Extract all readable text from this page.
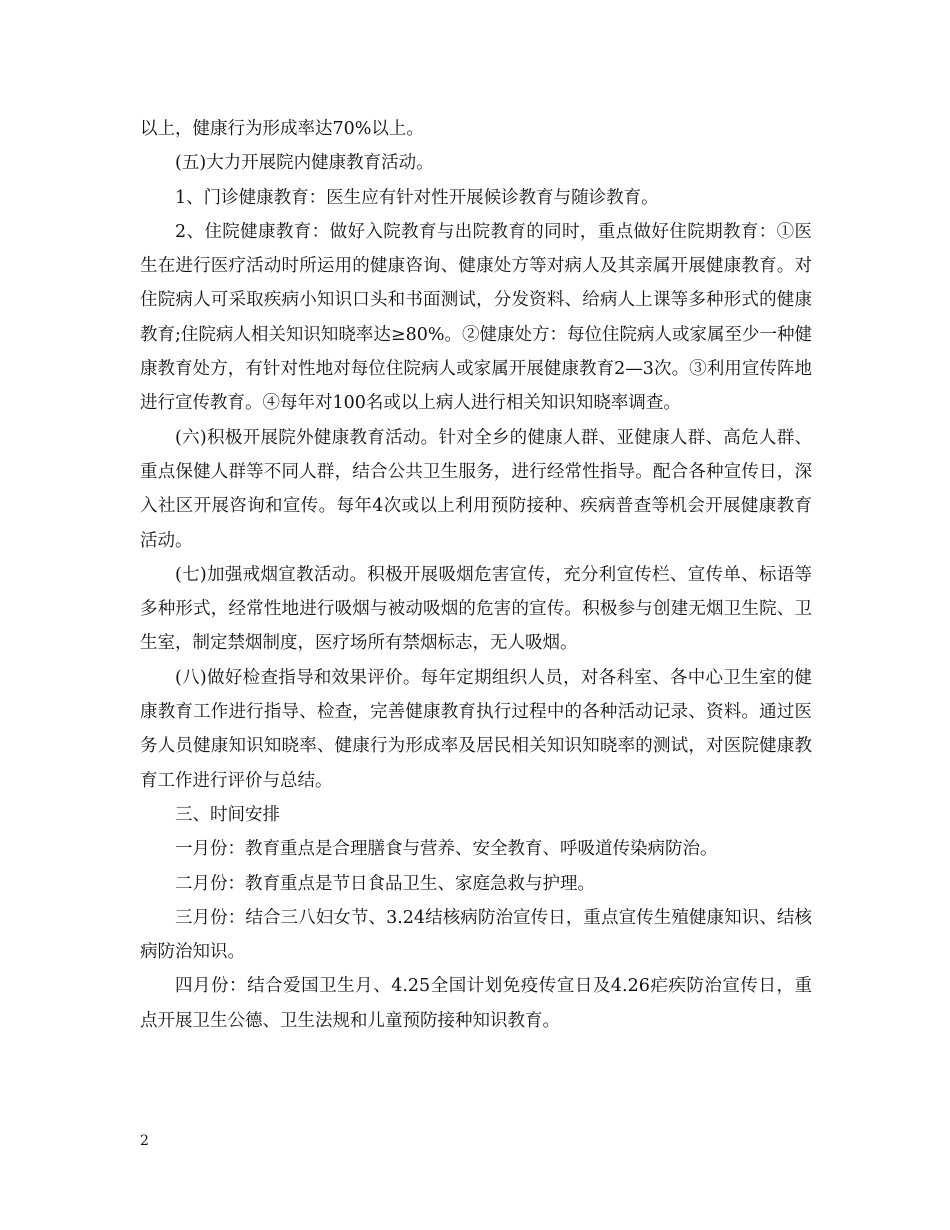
以上，健康行为形成率达70%以上。

(五)大力开展院内健康教育活动。

1、门诊健康教育：医生应有针对性开展候诊教育与随诊教育。

2、住院健康教育：做好入院教育与出院教育的同时，重点做好住院期教育：①医生在进行医疗活动时所运用的健康咨询、健康处方等对病人及其亲属开展健康教育。对住院病人可采取疾病小知识口头和书面测试，分发资料、给病人上课等多种形式的健康教育;住院病人相关知识知晓率达≥80%。②健康处方：每位住院病人或家属至少一种健康教育处方，有针对性地对每位住院病人或家属开展健康教育2—3次。③利用宣传阵地进行宣传教育。④每年对100名或以上病人进行相关知识知晓率调查。

(六)积极开展院外健康教育活动。针对全乡的健康人群、亚健康人群、高危人群、重点保健人群等不同人群，结合公共卫生服务，进行经常性指导。配合各种宣传日，深入社区开展咨询和宣传。每年4次或以上利用预防接种、疾病普查等机会开展健康教育活动。

(七)加强戒烟宣教活动。积极开展吸烟危害宣传，充分利宣传栏、宣传单、标语等多种形式，经常性地进行吸烟与被动吸烟的危害的宣传。积极参与创建无烟卫生院、卫生室，制定禁烟制度，医疗场所有禁烟标志，无人吸烟。

(八)做好检查指导和效果评价。每年定期组织人员，对各科室、各中心卫生室的健康教育工作进行指导、检查，完善健康教育执行过程中的各种活动记录、资料。通过医务人员健康知识知晓率、健康行为形成率及居民相关知识知晓率的测试，对医院健康教育工作进行评价与总结。

三、时间安排

一月份：教育重点是合理膳食与营养、安全教育、呼吸道传染病防治。

二月份：教育重点是节日食品卫生、家庭急救与护理。

三月份：结合三八妇女节、3.24结核病防治宣传日，重点宣传生殖健康知识、结核病防治知识。

四月份：结合爱国卫生月、4.25全国计划免疫传宣日及4.26疟疾防治宣传日，重点开展卫生公德、卫生法规和儿童预防接种知识教育。

2
